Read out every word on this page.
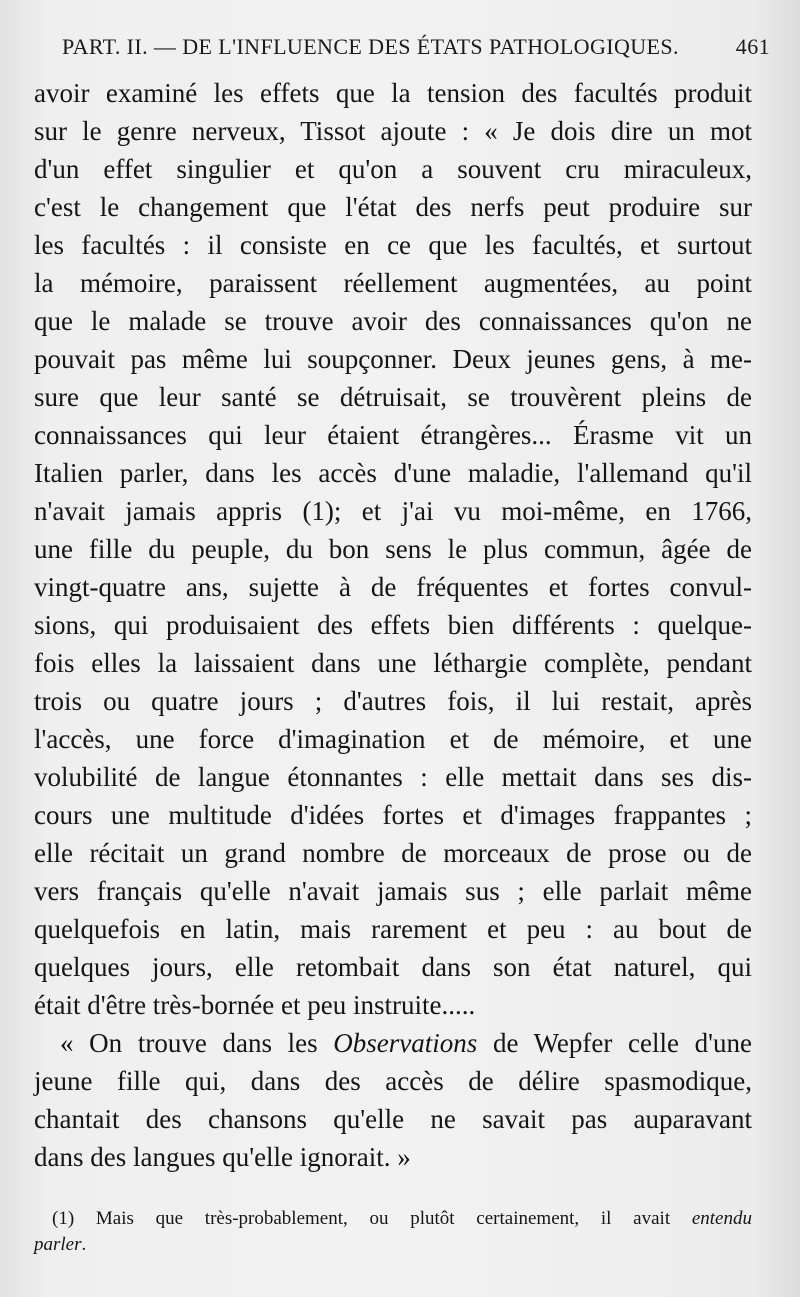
PART. II. — DE L'INFLUENCE DES ÉTATS PATHOLOGIQUES.	461
avoir examiné les effets que la tension des facultés produit
sur le genre nerveux, Tissot ajoute : « Je dois dire un mot
d'un effet singulier et qu'on a souvent cru miraculeux,
c'est le changement que l'état des nerfs peut produire sur
les facultés : il consiste en ce que les facultés, et surtout
la mémoire, paraissent réellement augmentées, au point
que le malade se trouve avoir des connaissances qu'on ne
pouvait pas même lui soupçonner. Deux jeunes gens, à me-
sure que leur santé se détruisait, se trouvèrent pleins de
connaissances qui leur étaient étrangères... Érasme vit un
Italien parler, dans les accès d'une maladie, l'allemand qu'il
n'avait jamais appris (1); et j'ai vu moi-même, en 1766,
une fille du peuple, du bon sens le plus commun, âgée de
vingt-quatre ans, sujette à de fréquentes et fortes convul-
sions, qui produisaient des effets bien différents : quelque-
fois elles la laissaient dans une léthargie complète, pendant
trois ou quatre jours ; d'autres fois, il lui restait, après
l'accès, une force d'imagination et de mémoire, et une
volubilité de langue étonnantes : elle mettait dans ses dis-
cours une multitude d'idées fortes et d'images frappantes ;
elle récitait un grand nombre de morceaux de prose ou de
vers français qu'elle n'avait jamais sus ; elle parlait même
quelquefois en latin, mais rarement et peu : au bout de
quelques jours, elle retombait dans son état naturel, qui
était d'être très-bornée et peu instruite.....
« On trouve dans les Observations de Wepfer celle d'une
jeune fille qui, dans des accès de délire spasmodique,
chantait des chansons qu'elle ne savait pas auparavant
dans des langues qu'elle ignorait. »
(1) Mais que très-probablement, ou plutôt certainement, il avait entendu
parler.
